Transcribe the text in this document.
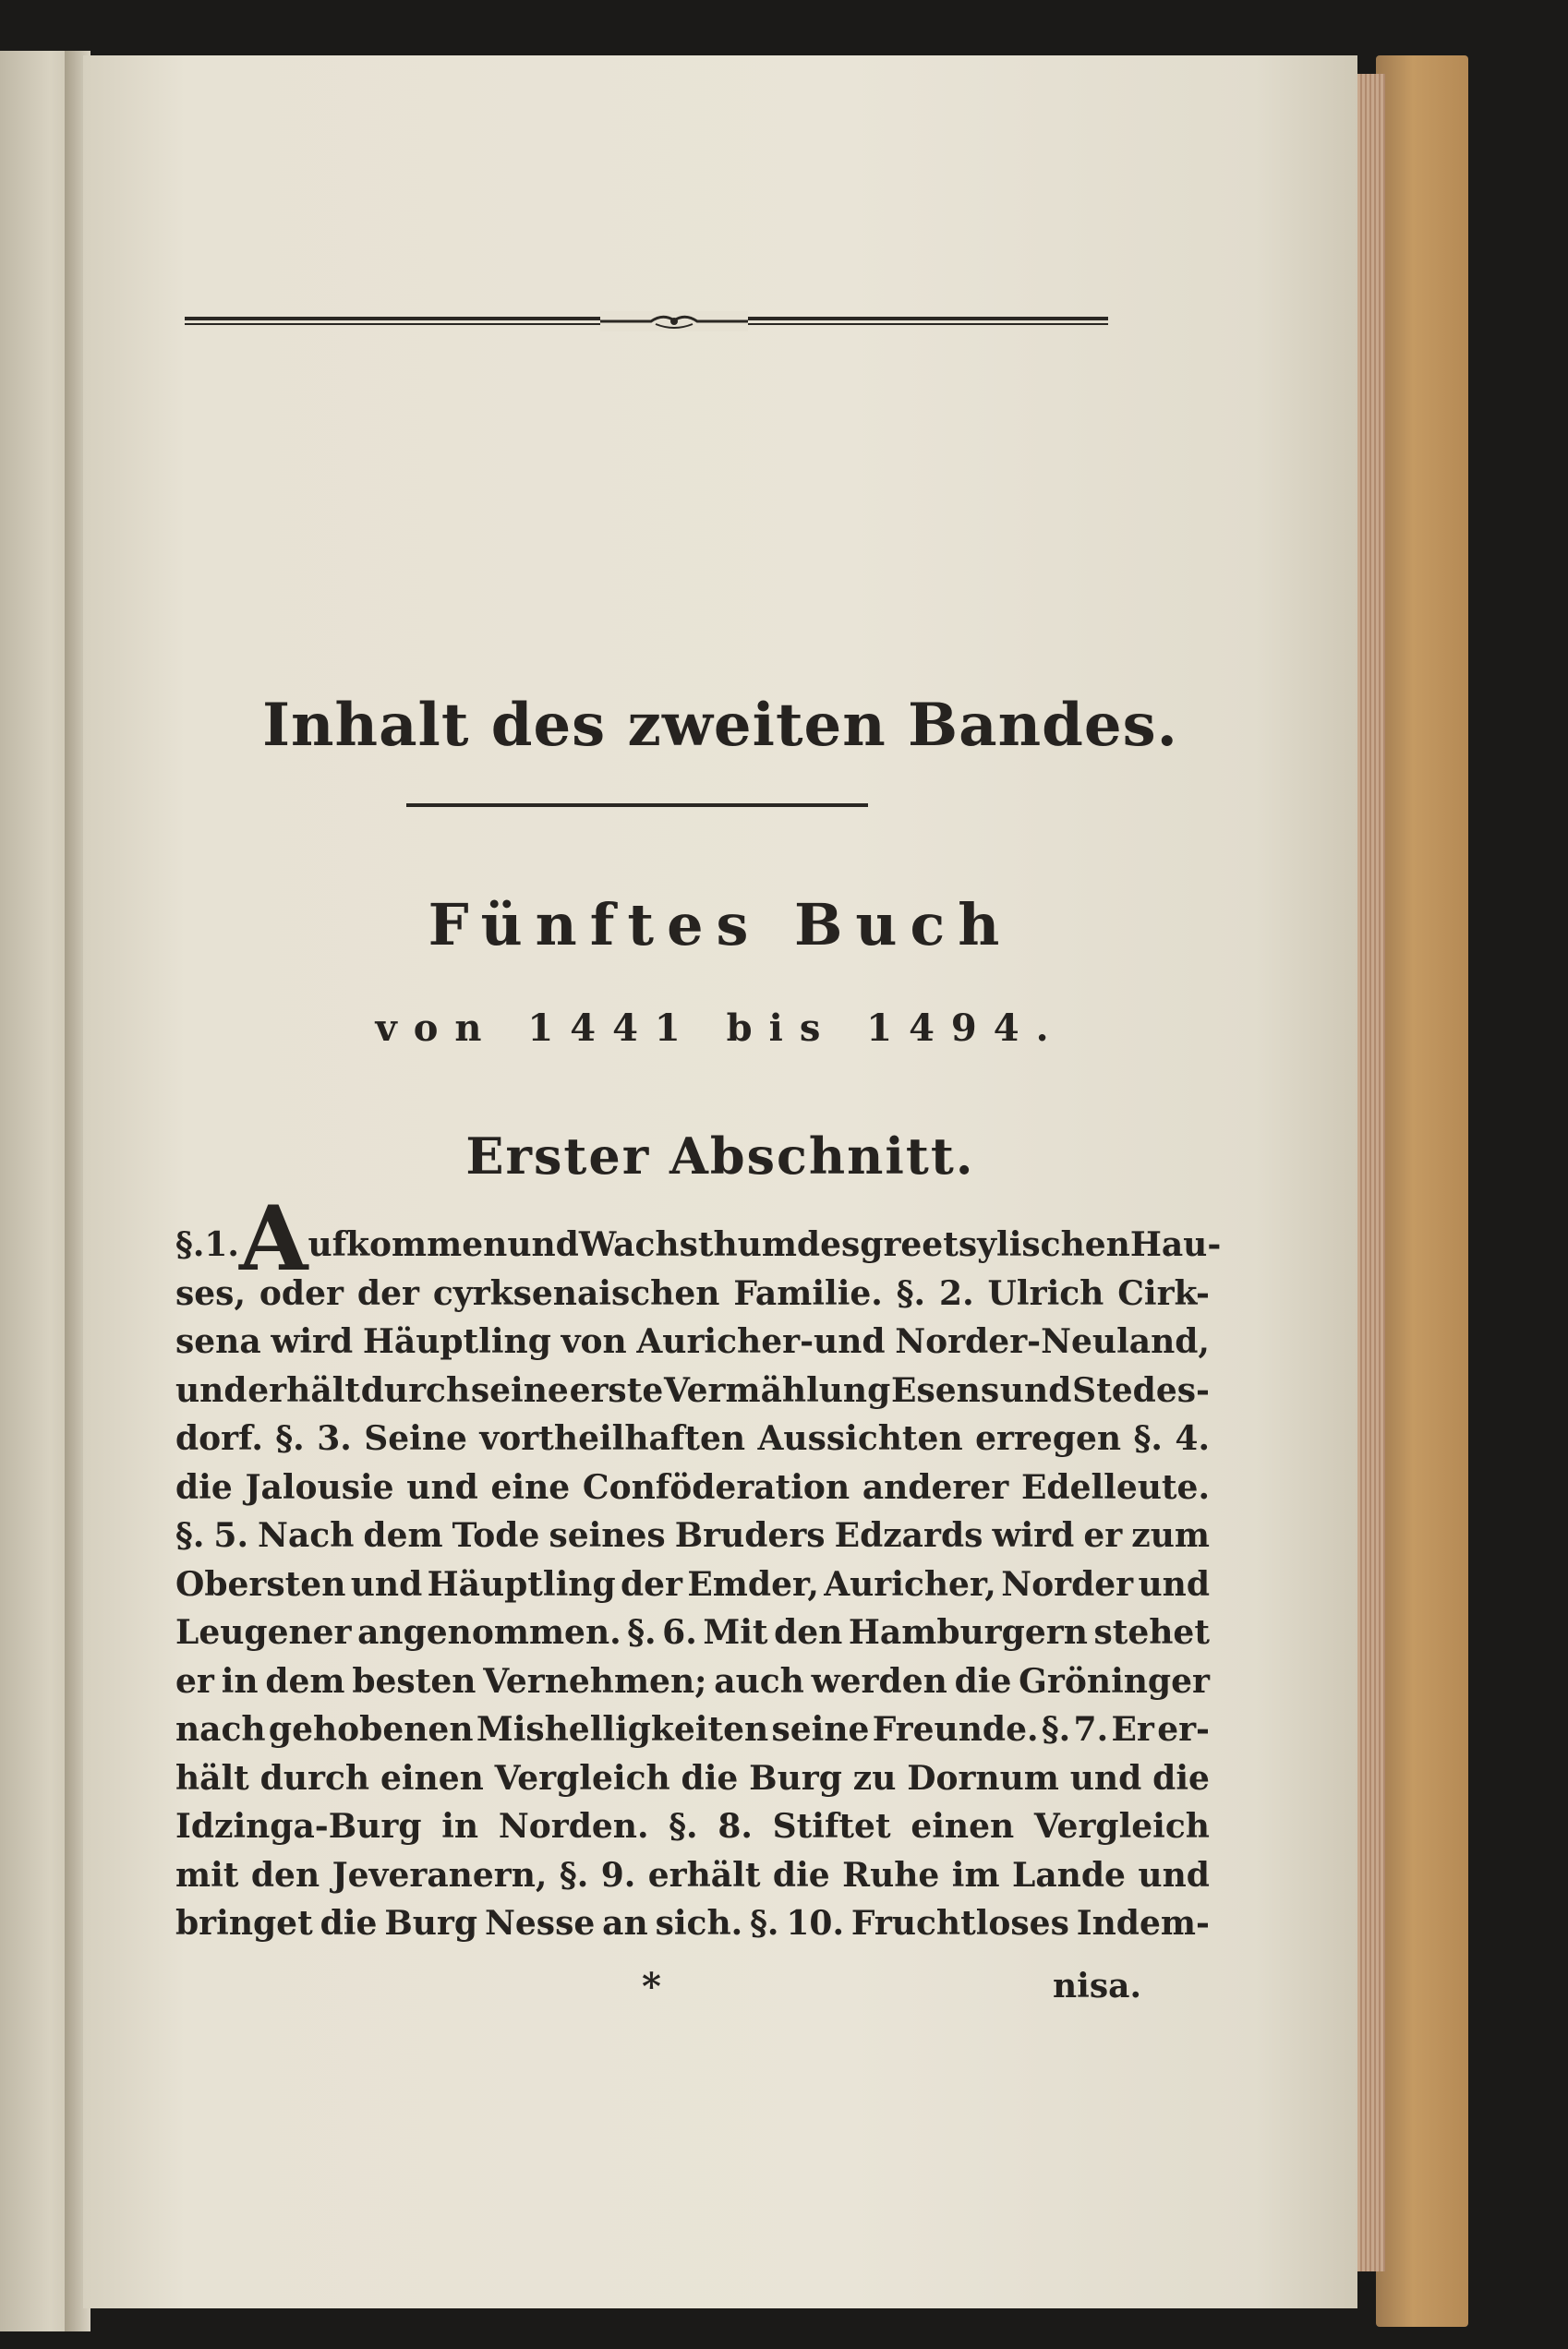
Inhalt des zweiten Bandes.
Fünftes Buch
von 1441 bis 1494.
Erster Abschnitt.
§. 1. Aufkommen und Wachsthum des greetsylischen Hau-
ses, oder der cyrksenaischen Familie. §. 2. Ulrich Cirk-
sena wird Häuptling von Auricher-und Norder-Neuland,
und erhält durch seine erste Vermählung Esens und Stedes-
dorf. §. 3. Seine vortheilhaften Aussichten erregen §. 4.
die Jalousie und eine Conföderation anderer Edelleute.
§. 5. Nach dem Tode seines Bruders Edzards wird er zum
Obersten und Häuptling der Emder, Auricher, Norder und
Leugener angenommen. §. 6. Mit den Hamburgern stehet
er in dem besten Vernehmen; auch werden die Gröninger
nach gehobenen Mishelligkeiten seine Freunde. §. 7. Er er-
hält durch einen Vergleich die Burg zu Dornum und die
Idzinga-Burg in Norden. §. 8. Stiftet einen Vergleich
mit den Jeveranern, §. 9. erhält die Ruhe im Lande und
bringet die Burg Nesse an sich. §. 10. Fruchtloses Indem-
*	nisa.
